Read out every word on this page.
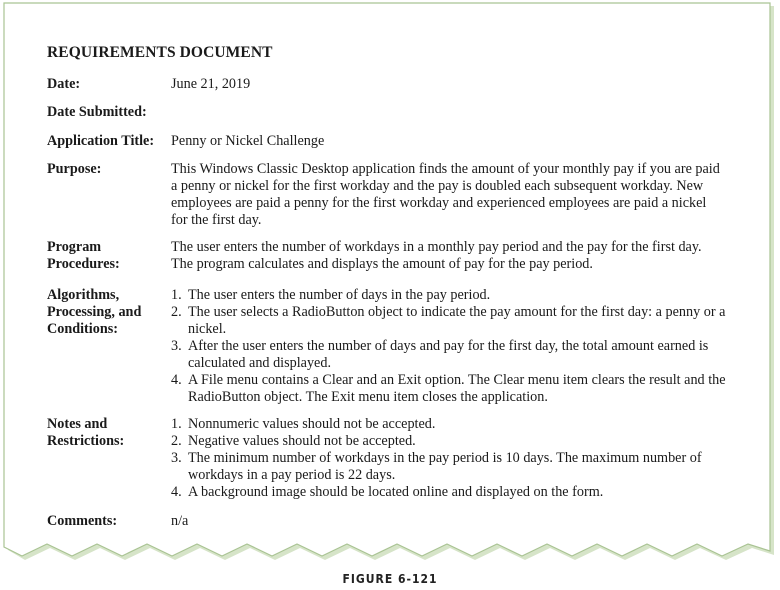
REQUIREMENTS DOCUMENT
Date:	June 21, 2019
Date Submitted:
Application Title:	Penny or Nickel Challenge
Purpose:	This Windows Classic Desktop application finds the amount of your monthly pay if you are paid a penny or nickel for the first workday and the pay is doubled each subsequent workday. New employees are paid a penny for the first workday and experienced employees are paid a nickel for the first day.
Program Procedures:
The user enters the number of workdays in a monthly pay period and the pay for the first day. The program calculates and displays the amount of pay for the pay period.
Algorithms, Processing, and Conditions:
1. The user enters the number of days in the pay period.
2. The user selects a RadioButton object to indicate the pay amount for the first day: a penny or a nickel.
3. After the user enters the number of days and pay for the first day, the total amount earned is calculated and displayed.
4. A File menu contains a Clear and an Exit option. The Clear menu item clears the result and the RadioButton object. The Exit menu item closes the application.
Notes and Restrictions:
1. Nonnumeric values should not be accepted.
2. Negative values should not be accepted.
3. The minimum number of workdays in the pay period is 10 days. The maximum number of workdays in a pay period is 22 days.
4. A background image should be located online and displayed on the form.
Comments:	n/a
FIGURE 6-121
